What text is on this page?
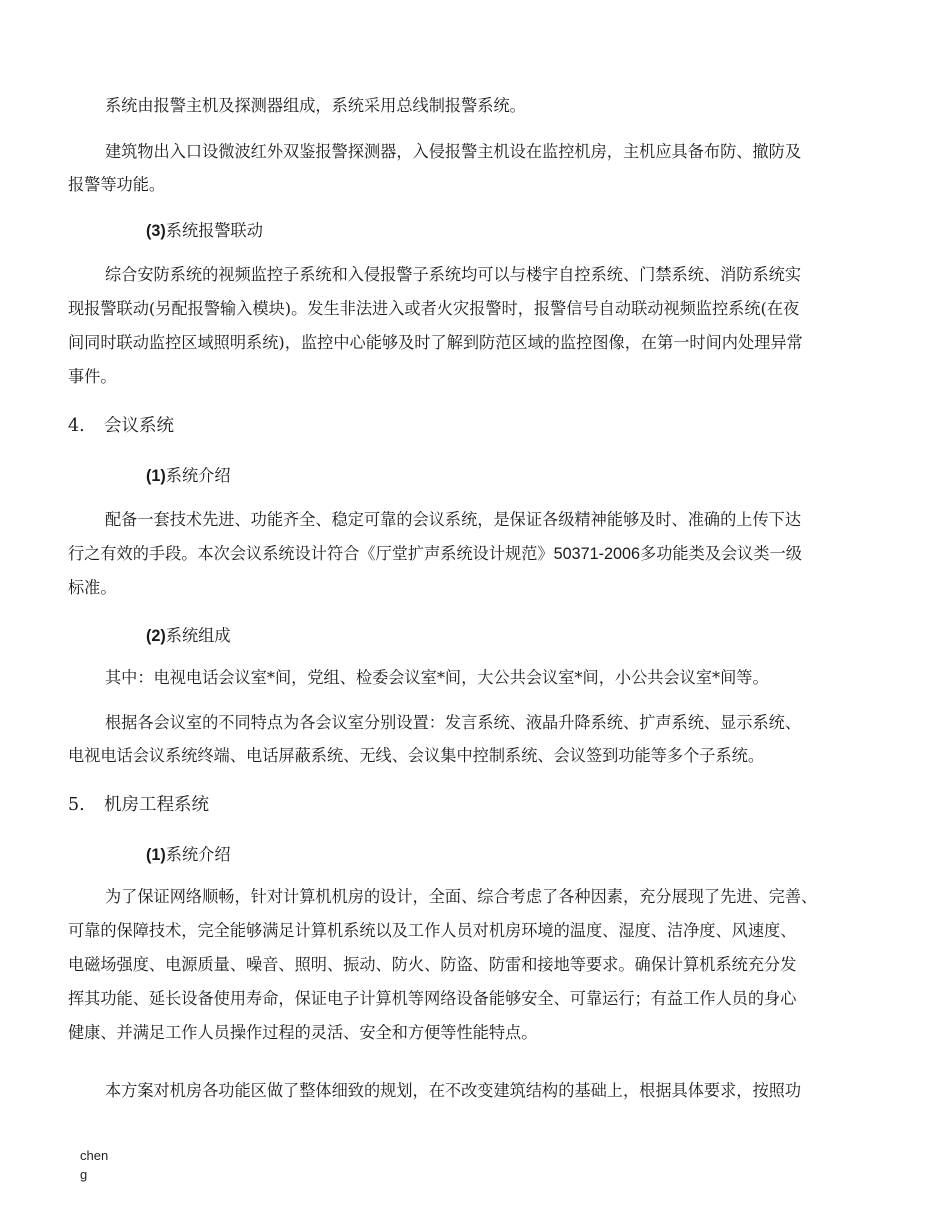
系统由报警主机及探测器组成，系统采用总线制报警系统。
建筑物出入口设微波红外双鉴报警探测器，入侵报警主机设在监控机房，主机应具备布防、撤防及
报警等功能。
(3)系统报警联动
综合安防系统的视频监控子系统和入侵报警子系统均可以与楼宇自控系统、门禁系统、消防系统实
现报警联动(另配报警输入模块)。发生非法进入或者火灾报警时，报警信号自动联动视频监控系统(在夜
间同时联动监控区域照明系统)，监控中心能够及时了解到防范区域的监控图像，在第一时间内处理异常
事件。
4. 会议系统
(1)系统介绍
配备一套技术先进、功能齐全、稳定可靠的会议系统，是保证各级精神能够及时、准确的上传下达
行之有效的手段。本次会议系统设计符合《厅堂扩声系统设计规范》50371-2006多功能类及会议类一级
标准。
(2)系统组成
其中：电视电话会议室*间，党组、检委会议室*间，大公共会议室*间，小公共会议室*间等。
根据各会议室的不同特点为各会议室分别设置：发言系统、液晶升降系统、扩声系统、显示系统、
电视电话会议系统终端、电话屏蔽系统、无线、会议集中控制系统、会议签到功能等多个子系统。
5. 机房工程系统
(1)系统介绍
为了保证网络顺畅，针对计算机机房的设计，全面、综合考虑了各种因素，充分展现了先进、完善、
可靠的保障技术，完全能够满足计算机系统以及工作人员对机房环境的温度、湿度、洁净度、风速度、
电磁场强度、电源质量、噪音、照明、振动、防火、防盗、防雷和接地等要求。确保计算机系统充分发
挥其功能、延长设备使用寿命，保证电子计算机等网络设备能够安全、可靠运行；有益工作人员的身心
健康、并满足工作人员操作过程的灵活、安全和方便等性能特点。
本方案对机房各功能区做了整体细致的规划，在不改变建筑结构的基础上，根据具体要求，按照功
cheng
